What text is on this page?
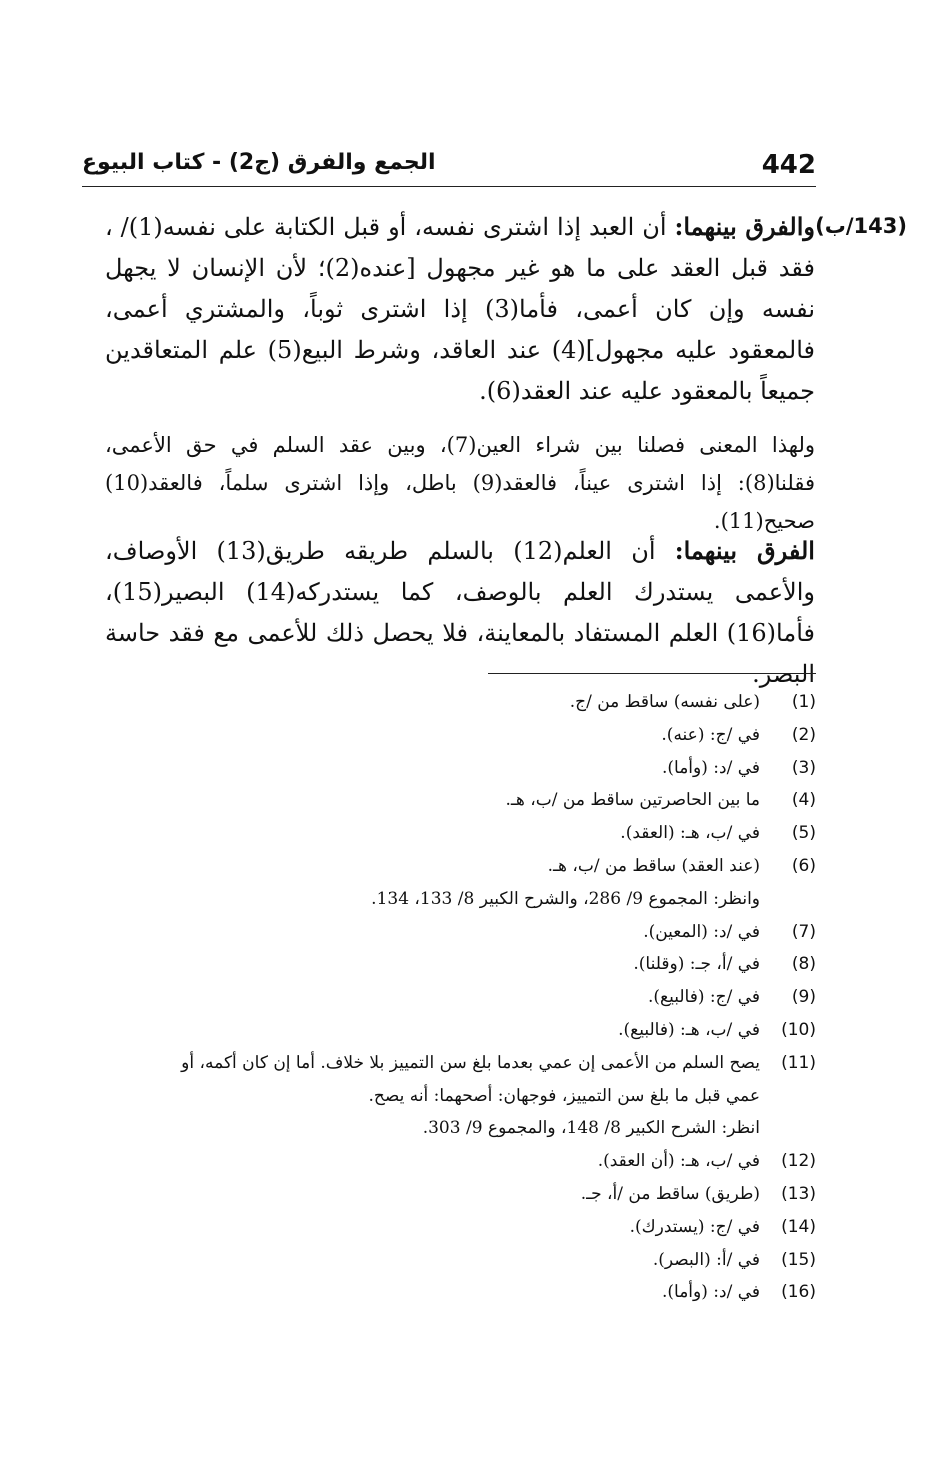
442
الجمع والفرق (ج2) - كتاب البيوع
(143/ب)

والفرق بينهما: أن العبد إذا اشترى نفسه، أو قبل الكتابة على نفسه(1)/ ، فقد قبل العقد على ما هو غير مجهول [عنده(2)؛ لأن الإنسان لا يجهل نفسه وإن كان أعمى، فأما(3) إذا اشترى ثوباً، والمشتري أعمى، فالمعقود عليه مجهول](4) عند العاقد، وشرط البيع(5) علم المتعاقدين جميعاً بالمعقود عليه عند العقد(6).

ولهذا المعنى فصلنا بين شراء العين(7)، وبين عقد السلم في حق الأعمى، فقلنا(8): إذا اشترى عيناً، فالعقد(9) باطل، وإذا اشترى سلماً، فالعقد(10) صحيح(11).

الفرق بينهما: أن العلم(12) بالسلم طريقه طريق(13) الأوصاف، والأعمى يستدرك العلم بالوصف، كما يستدركه(14) البصير(15)، فأما(16) العلم المستفاد بالمعاينة، فلا يحصل ذلك للأعمى مع فقد حاسة البصر.

(1)
(على نفسه) ساقط من /ج.
(2)
في /ج: (عنه).
(3)
في /د: (وأما).
(4)
ما بين الحاصرتين ساقط من /ب، هـ.
(5)
في /ب، هـ: (العقد).
(6)
(عند العقد) ساقط من /ب، هـ.
وانظر: المجموع 9/ 286، والشرح الكبير 8/ 133، 134.
(7)
في /د: (المعين).
(8)
في /أ، جـ: (وقلنا).
(9)
في /ج: (فالبيع).
(10)
في /ب، هـ: (فالبيع).
(11)
يصح السلم من الأعمى إن عمي بعدما بلغ سن التمييز بلا خلاف. أما إن كان أكمه، أو
عمي قبل ما بلغ سن التمييز، فوجهان: أصحهما: أنه يصح.
انظر: الشرح الكبير 8/ 148، والمجموع 9/ 303.
(12)
في /ب، هـ: (أن العقد).
(13)
(طريق) ساقط من /أ، جـ.
(14)
في /ج: (يستدرك).
(15)
في /أ: (البصر).
(16)
في /د: (وأما).
